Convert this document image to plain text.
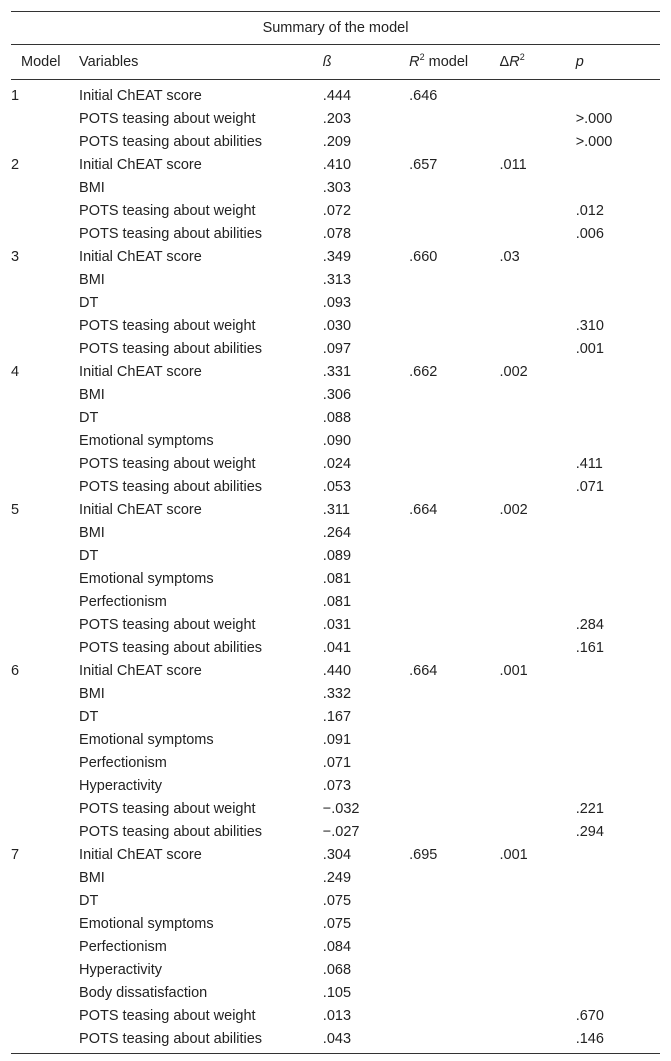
Summary of the model					
Model	Variables	ß	$R^2$ model	$\Delta R^2$	p
1	Initial ChEAT score	.444	.646		
	POTS teasing about weight	.203			>.000
	POTS teasing about abilities	.209			>.000
2	Initial ChEAT score	.410	.657	.011	
	BMI	.303			
	POTS teasing about weight	.072			.012
	POTS teasing about abilities	.078			.006
3	Initial ChEAT score	.349	.660	.03	
	BMI	.313			
	DT	.093			
	POTS teasing about weight	.030			.310
	POTS teasing about abilities	.097			.001
4	Initial ChEAT score	.331	.662	.002	
	BMI	.306			
	DT	.088			
	Emotional symptoms	.090			
	POTS teasing about weight	.024			.411
	POTS teasing about abilities	.053			.071
5	Initial ChEAT score	.311	.664	.002	
	BMI	.264			
	DT	.089			
	Emotional symptoms	.081			
	Perfectionism	.081			
	POTS teasing about weight	.031			.284
	POTS teasing about abilities	.041			.161
6	Initial ChEAT score	.440	.664	.001	
	BMI	.332			
	DT	.167			
	Emotional symptoms	.091			
	Perfectionism	.071			
	Hyperactivity	.073			
	POTS teasing about weight	−.032			.221
	POTS teasing about abilities	−.027			.294
7	Initial ChEAT score	.304	.695	.001	
	BMI	.249			
	DT	.075			
	Emotional symptoms	.075			
	Perfectionism	.084			
	Hyperactivity	.068			
	Body dissatisfaction	.105			
	POTS teasing about weight	.013			.670
	POTS teasing about abilities	.043			.146
